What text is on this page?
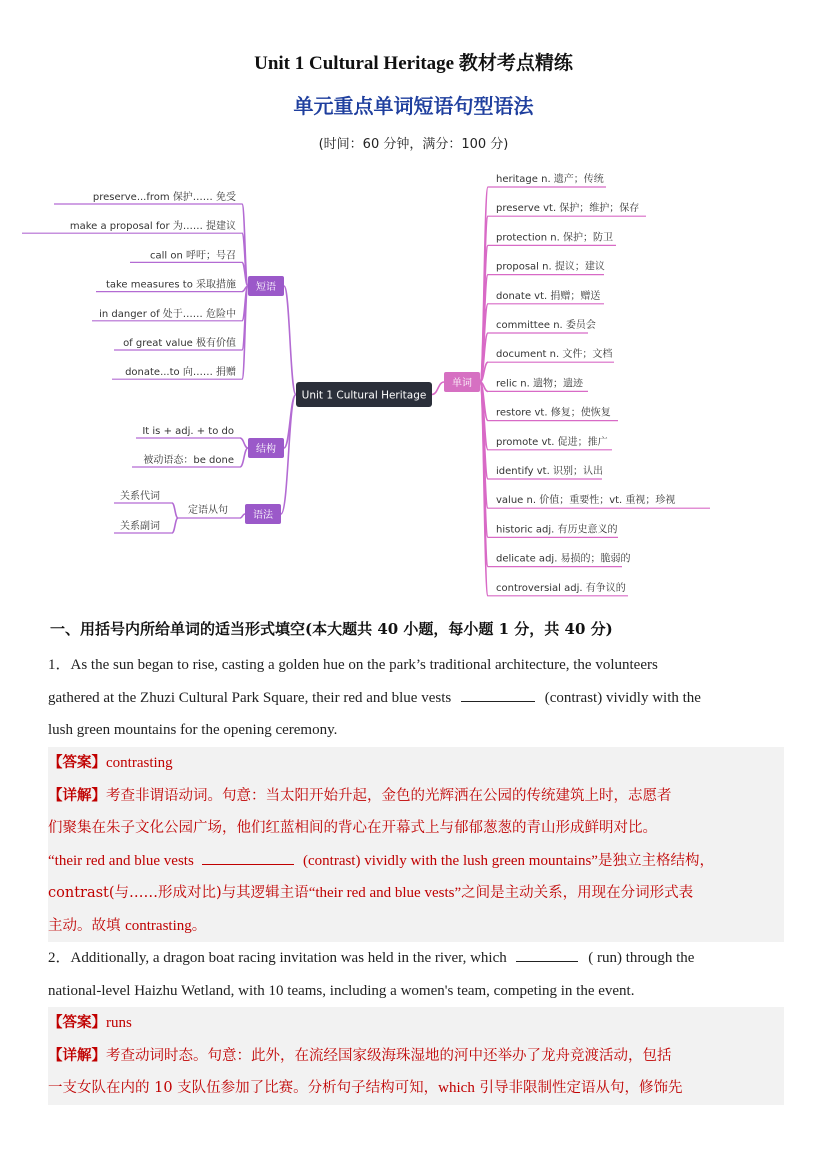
Unit 1 Cultural Heritage 教材考点精练
单元重点单词短语句型语法
(时间：60 分钟，满分：100 分)
Unit 1 Cultural Heritage
preserve...from 保护…… 免受
make a proposal for 为…… 提建议
call on 呼吁；号召
take measures to 采取措施
in danger of 处于…… 危险中
of great value 极有价值
donate...to 向…… 捐赠
It is + adj. + to do
被动语态：be done
定语从句
关系代词
关系副词
heritage n. 遗产；传统
preserve vt. 保护；维护；保存
protection n. 保护；防卫
proposal n. 提议；建议
donate vt. 捐赠；赠送
committee n. 委员会
document n. 文件；文档
relic n. 遗物；遗迹
restore vt. 修复；使恢复
promote vt. 促进；推广
identify vt. 识别；认出
value n. 价值；重要性；vt. 重视；珍视
historic adj. 有历史意义的
delicate adj. 易损的；脆弱的
controversial adj. 有争议的
短语
结构
语法
单词
一、用括号内所给单词的适当形式填空(本大题共 40 小题，每小题 1 分，共 40 分)
1．As the sun began to rise, casting a golden hue on the park’s traditional architecture, the volunteers
gathered at the Zhuzi Cultural Park Square, their red and blue vests	(contrast) vividly with the
lush green mountains for the opening ceremony.
【答案】contrasting
【详解】考查非谓语动词。句意：当太阳开始升起，金色的光辉洒在公园的传统建筑上时，志愿者
们聚集在朱子文化公园广场，他们红蓝相间的背心在开幕式上与郁郁葱葱的青山形成鲜明对比。
“their red and blue vests	(contrast) vividly with the lush green mountains”是独立主格结构，
contrast(与……形成对比)与其逻辑主语“their red and blue vests”之间是主动关系，用现在分词形式表
主动。故填 contrasting。
2．Additionally, a dragon boat racing invitation was held in the river, which	( run) through the
national-level Haizhu Wetland, with 10 teams, including a women's team, competing in the event.
【答案】runs
【详解】考查动词时态。句意：此外，在流经国家级海珠湿地的河中还举办了龙舟竞渡活动，包括
一支女队在内的 10 支队伍参加了比赛。分析句子结构可知，which 引导非限制性定语从句，修饰先
